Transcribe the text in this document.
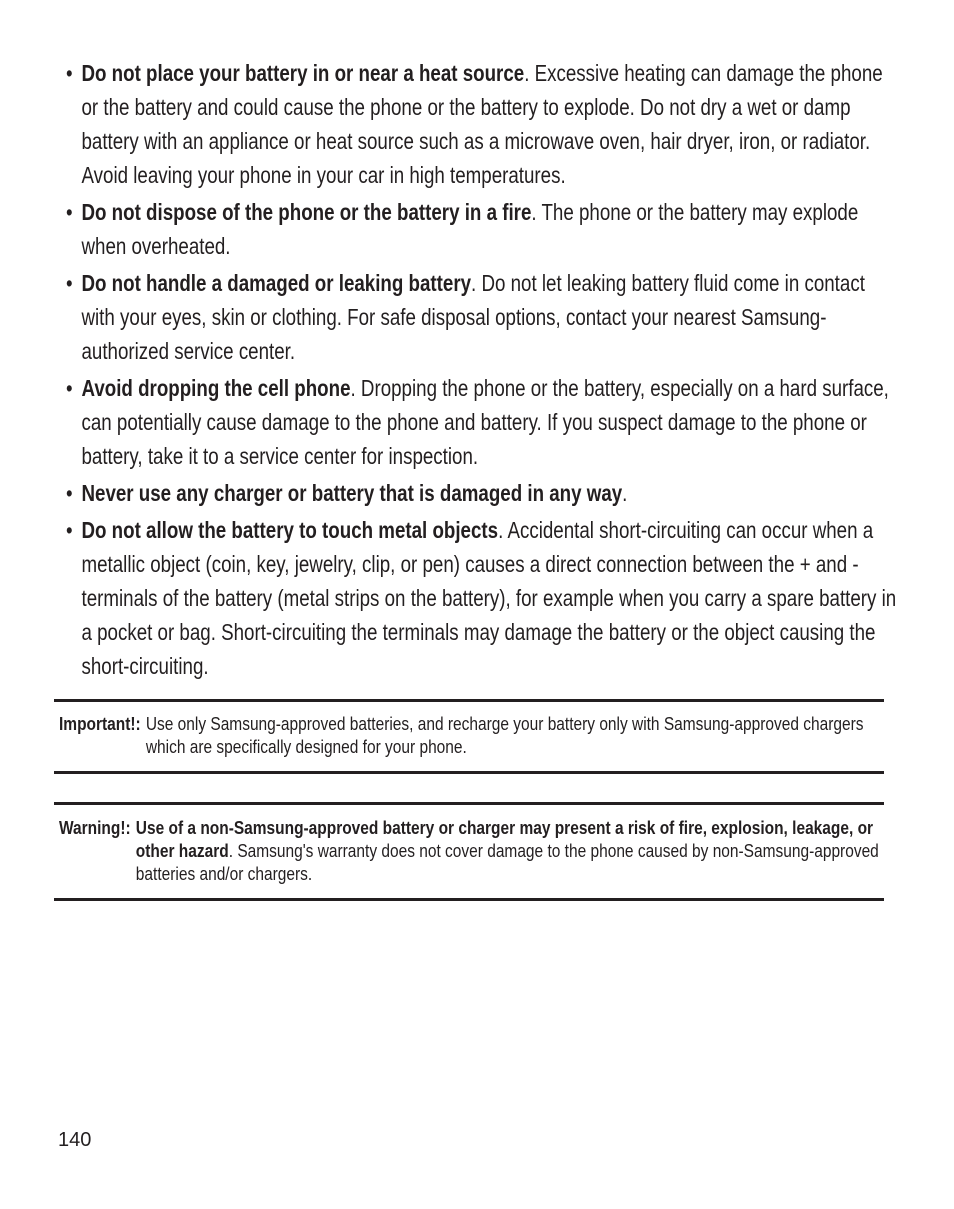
• Do not place your battery in or near a heat source. Excessive heating can damage the phone or the battery and could cause the phone or the battery to explode. Do not dry a wet or damp battery with an appliance or heat source such as a microwave oven, hair dryer, iron, or radiator. Avoid leaving your phone in your car in high temperatures.
• Do not dispose of the phone or the battery in a fire. The phone or the battery may explode when overheated.
• Do not handle a damaged or leaking battery. Do not let leaking battery fluid come in contact with your eyes, skin or clothing. For safe disposal options, contact your nearest Samsung-authorized service center.
• Avoid dropping the cell phone. Dropping the phone or the battery, especially on a hard surface, can potentially cause damage to the phone and battery. If you suspect damage to the phone or battery, take it to a service center for inspection.
• Never use any charger or battery that is damaged in any way.
• Do not allow the battery to touch metal objects. Accidental short-circuiting can occur when a metallic object (coin, key, jewelry, clip, or pen) causes a direct connection between the + and - terminals of the battery (metal strips on the battery), for example when you carry a spare battery in a pocket or bag. Short-circuiting the terminals may damage the battery or the object causing the short-circuiting.
Important!: Use only Samsung-approved batteries, and recharge your battery only with Samsung-approved chargers which are specifically designed for your phone.
Warning!: Use of a non-Samsung-approved battery or charger may present a risk of fire, explosion, leakage, or other hazard. Samsung's warranty does not cover damage to the phone caused by non-Samsung-approved batteries and/or chargers.
140
